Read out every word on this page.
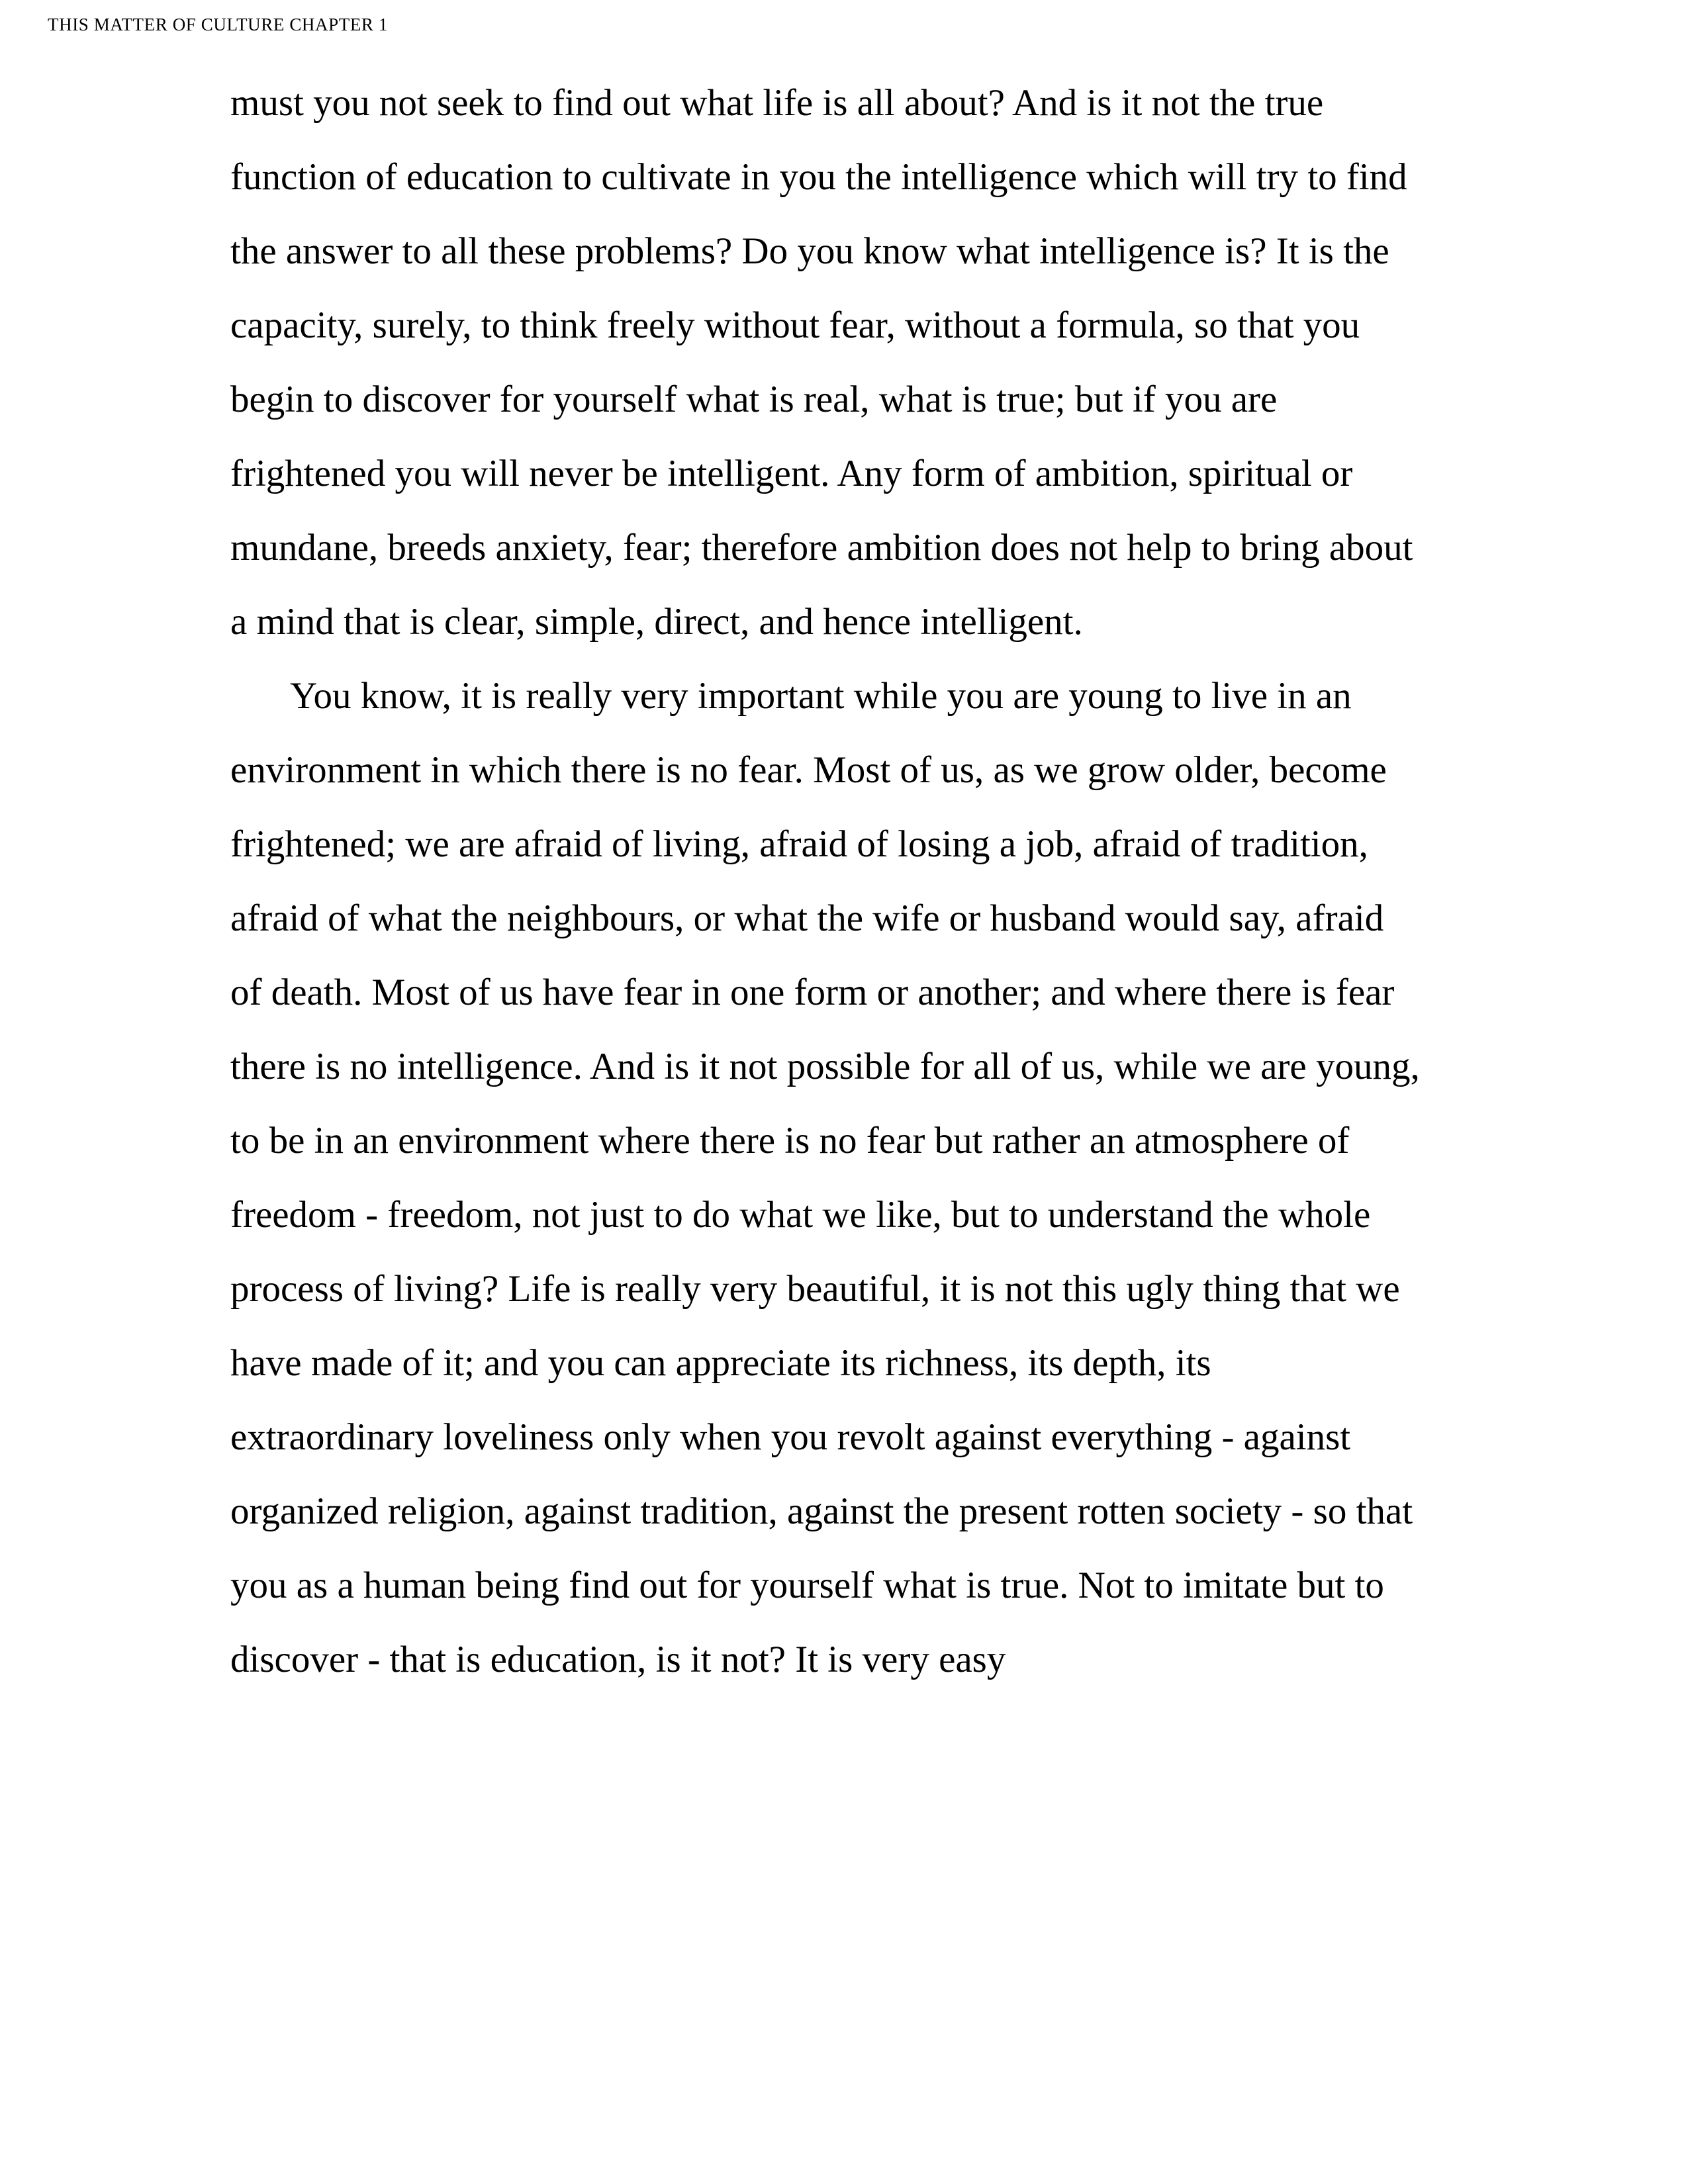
THIS MATTER OF CULTURE CHAPTER 1

must you not seek to find out what life is all about? And is it not the true function of education to cultivate in you the intelligence which will try to find the answer to all these problems? Do you know what intelligence is? It is the capacity, surely, to think freely without fear, without a formula, so that you begin to discover for yourself what is real, what is true; but if you are frightened you will never be intelligent. Any form of ambition, spiritual or mundane, breeds anxiety, fear; therefore ambition does not help to bring about a mind that is clear, simple, direct, and hence intelligent.

You know, it is really very important while you are young to live in an environment in which there is no fear. Most of us, as we grow older, become frightened; we are afraid of living, afraid of losing a job, afraid of tradition, afraid of what the neighbours, or what the wife or husband would say, afraid of death. Most of us have fear in one form or another; and where there is fear there is no intelligence. And is it not possible for all of us, while we are young, to be in an environment where there is no fear but rather an atmosphere of freedom - freedom, not just to do what we like, but to understand the whole process of living? Life is really very beautiful, it is not this ugly thing that we have made of it; and you can appreciate its richness, its depth, its extraordinary loveliness only when you revolt against everything - against organized religion, against tradition, against the present rotten society - so that you as a human being find out for yourself what is true. Not to imitate but to discover - that is education, is it not? It is very easy
